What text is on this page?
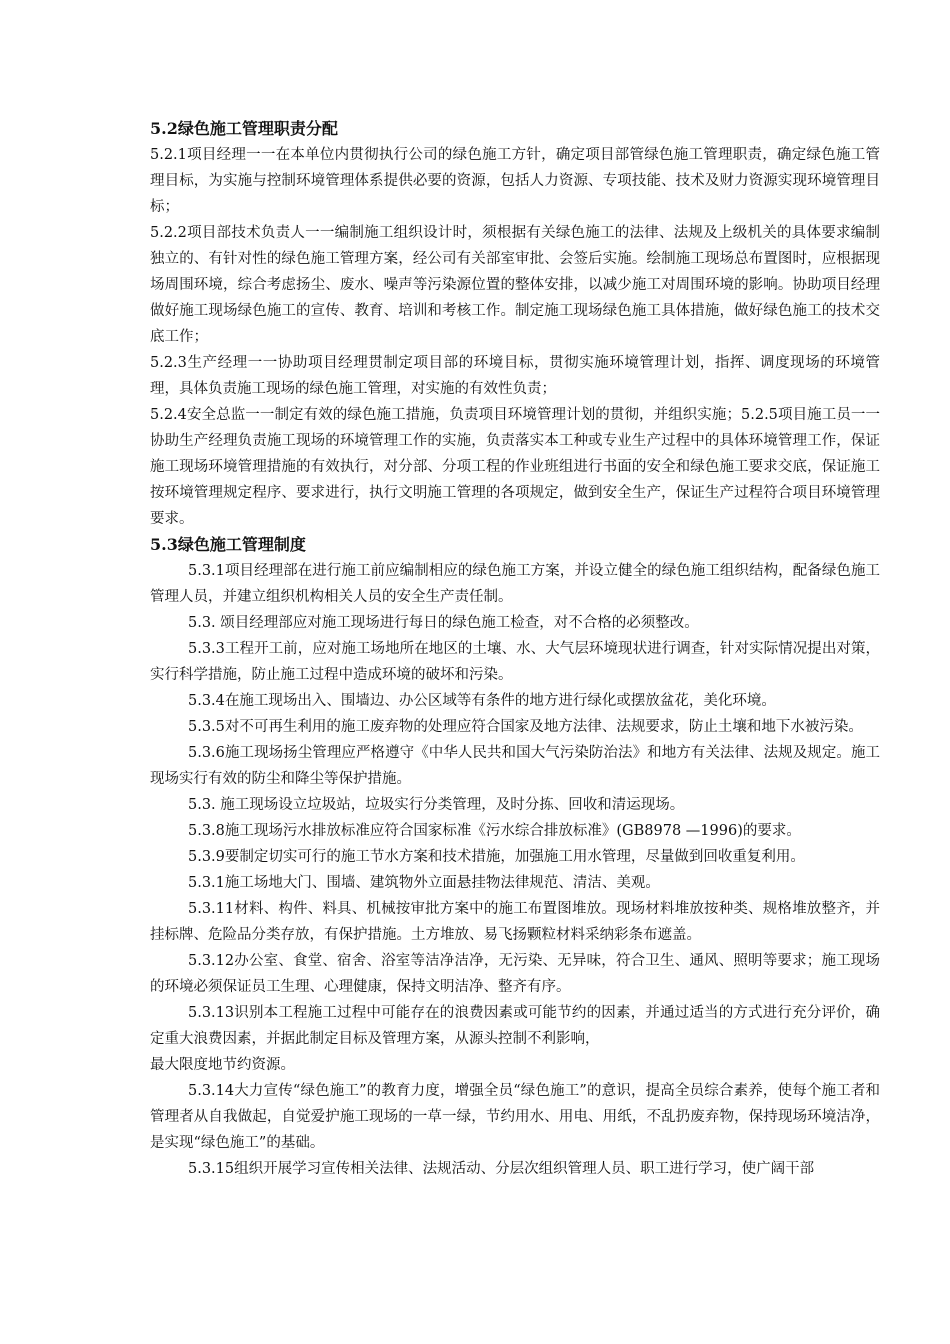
5.2绿色施工管理职责分配

5.2.1项目经理一一在本单位内贯彻执行公司的绿色施工方针，确定项目部管绿色施工管理职责，确定绿色施工管理目标，为实施与控制环境管理体系提供必要的资源，包括人力资源、专项技能、技术及财力资源实现环境管理目标；

5.2.2项目部技术负责人一一编制施工组织设计时，须根据有关绿色施工的法律、法规及上级机关的具体要求编制独立的、有针对性的绿色施工管理方案，经公司有关部室审批、会签后实施。绘制施工现场总布置图时，应根据现场周围环境，综合考虑扬尘、废水、噪声等污染源位置的整体安排，以减少施工对周围环境的影响。协助项目经理做好施工现场绿色施工的宣传、教育、培训和考核工作。制定施工现场绿色施工具体措施，做好绿色施工的技术交底工作；

5.2.3生产经理一一协助项目经理贯制定项目部的环境目标，贯彻实施环境管理计划，指挥、调度现场的环境管理，具体负责施工现场的绿色施工管理，对实施的有效性负责；

5.2.4安全总监一一制定有效的绿色施工措施，负责项目环境管理计划的贯彻，并组织实施；5.2.5项目施工员一一协助生产经理负责施工现场的环境管理工作的实施，负责落实本工种或专业生产过程中的具体环境管理工作，保证施工现场环境管理措施的有效执行，对分部、分项工程的作业班组进行书面的安全和绿色施工要求交底，保证施工按环境管理规定程序、要求进行，执行文明施工管理的各项规定，做到安全生产，保证生产过程符合项目环境管理要求。

5.3绿色施工管理制度

5.3.1项目经理部在进行施工前应编制相应的绿色施工方案，并设立健全的绿色施工组织结构，配备绿色施工管理人员，并建立组织机构相关人员的安全生产责任制。

5.3. 颂目经理部应对施工现场进行每日的绿色施工检查，对不合格的必须整改。

5.3.3工程开工前，应对施工场地所在地区的土壤、水、大气层环境现状进行调查，针对实际情况提出对策，实行科学措施，防止施工过程中造成环境的破坏和污染。

5.3.4在施工现场出入、围墙边、办公区域等有条件的地方进行绿化或摆放盆花，美化环境。

5.3.5对不可再生利用的施工废弃物的处理应符合国家及地方法律、法规要求，防止土壤和地下水被污染。

5.3.6施工现场扬尘管理应严格遵守《中华人民共和国大气污染防治法》和地方有关法律、法规及规定。施工现场实行有效的防尘和降尘等保护措施。

5.3. 施工现场设立垃圾站，垃圾实行分类管理，及时分拣、回收和清运现场。

5.3.8施工现场污水排放标准应符合国家标准《污水综合排放标准》(GB8978 —1996)的要求。

5.3.9要制定切实可行的施工节水方案和技术措施，加强施工用水管理，尽量做到回收重复利用。

5.3.1施工场地大门、围墙、建筑物外立面悬挂物法律规范、清洁、美观。

5.3.11材料、构件、料具、机械按审批方案中的施工布置图堆放。现场材料堆放按种类、规格堆放整齐，并挂标牌、危险品分类存放，有保护措施。土方堆放、易飞扬颗粒材料采纳彩条布遮盖。

5.3.12办公室、食堂、宿舍、浴室等洁净洁净，无污染、无异味，符合卫生、通风、照明等要求；施工现场的环境必须保证员工生理、心理健康，保持文明洁净、整齐有序。

5.3.13识别本工程施工过程中可能存在的浪费因素或可能节约的因素，并通过适当的方式进行充分评价，确定重大浪费因素，并据此制定目标及管理方案，从源头控制不利影响，

最大限度地节约资源。

5.3.14大力宣传“绿色施工”的教育力度，增强全员“绿色施工”的意识，提高全员综合素养，使每个施工者和管理者从自我做起，自觉爱护施工现场的一草一绿，节约用水、用电、用纸，不乱扔废弃物，保持现场环境洁净，是实现“绿色施工”的基础。

5.3.15组织开展学习宣传相关法律、法规活动、分层次组织管理人员、职工进行学习，使广阔干部
